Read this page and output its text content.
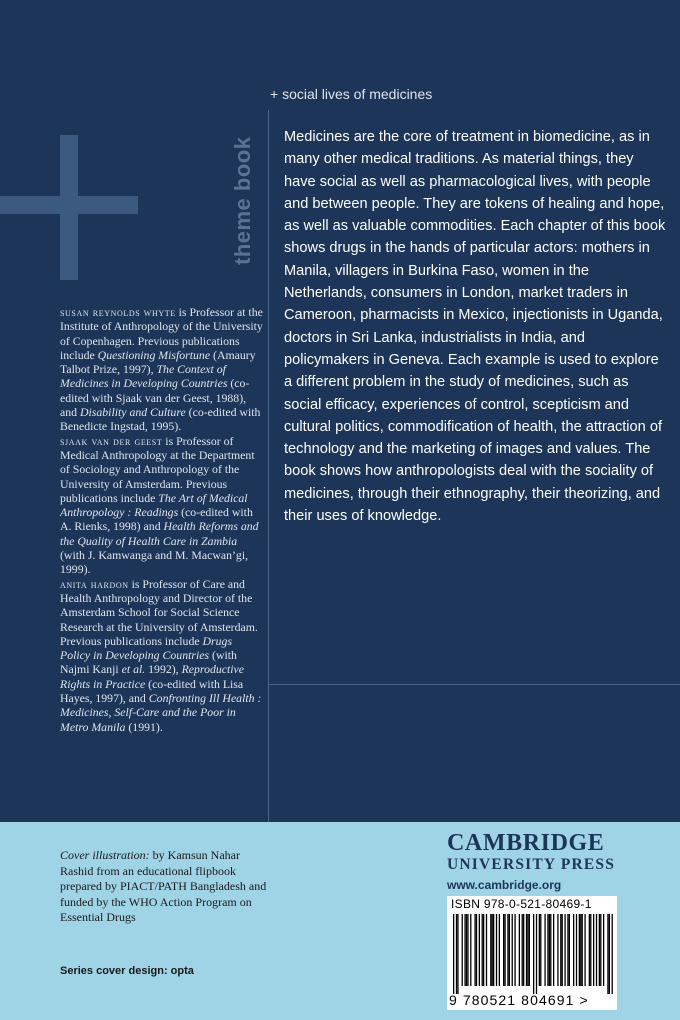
theme book
+ social lives of medicines
Medicines are the core of treatment in biomedicine, as in many other medical traditions. As material things, they have social as well as pharmacological lives, with people and between people. They are tokens of healing and hope, as well as valuable commodities. Each chapter of this book shows drugs in the hands of particular actors: mothers in Manila, villagers in Burkina Faso, women in the Netherlands, consumers in London, market traders in Cameroon, pharmacists in Mexico, injectionists in Uganda, doctors in Sri Lanka, industrialists in India, and policymakers in Geneva. Each example is used to explore a different problem in the study of medicines, such as social efficacy, experiences of control, scepticism and cultural politics, commodification of health, the attraction of technology and the marketing of images and values. The book shows how anthropologists deal with the sociality of medicines, through their ethnography, their theorizing, and their uses of knowledge.

susan reynolds whyte is Professor at the Institute of Anthropology of the University of Copenhagen. Previous publications include Questioning Misfortune (Amaury Talbot Prize, 1997), The Context of Medicines in Developing Countries (co-edited with Sjaak van der Geest, 1988), and Disability and Culture (co-edited with Benedicte Ingstad, 1995).

sjaak van der geest is Professor of Medical Anthropology at the Department of Sociology and Anthropology of the University of Amsterdam. Previous publications include The Art of Medical Anthropology : Readings (co-edited with A. Rienks, 1998) and Health Reforms and the Quality of Health Care in Zambia (with J. Kamwanga and M. Macwan’gi, 1999).

anita hardon is Professor of Care and Health Anthropology and Director of the Amsterdam School for Social Science Research at the University of Amsterdam. Previous publications include Drugs Policy in Developing Countries (with Najmi Kanji et al. 1992), Reproductive Rights in Practice (co-edited with Lisa Hayes, 1997), and Confronting Ill Health : Medicines, Self-Care and the Poor in Metro Manila (1991).

Cover illustration: by Kamsun Nahar Rashid from an educational flipbook prepared by PIACT/PATH Bangladesh and funded by the WHO Action Program on Essential Drugs
Series cover design: opta
CAMBRIDGE
UNIVERSITY PRESS
www.cambridge.org
ISBN 978-0-521-80469-1
9 780521 804691 >
